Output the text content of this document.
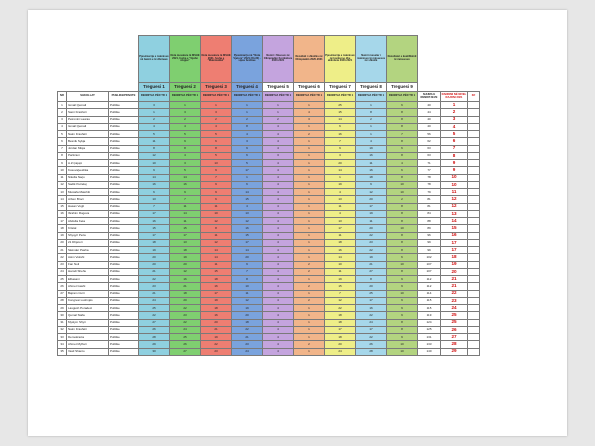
			Pjesëmarrja e nxënësve në bazën e të dhënave	Nota mesatare të MSHE 2021, fusha e “Gjuhë shqipe”	Nota mesatare të MSHE 2021, fusha e “Matematikë”	Pjesëmarrja në “Nota Vjetore” 2021 (24-30) - sipas fushave	Numri i fituesve në Olimpiadën Kombëtare 2020-2021	Rezultati i shkollës në Olimpiadën 2020-2021	Pjesëmarrja e nxënësve në konkurse dhe aktivitete 2020-2021	Numri mesatar i nxënësve të mësuesve në shkollë	Rezultatet e kualifikimit të mësuesve			
			Treguesi 1	Treguesi 2	Treguesi 3	Treguesi 4	Treguesi 5	Treguesi 6	Treguesi 7	Treguesi 8	Treguesi 9			
NR	SHKOLLAT	PUBLIKE/PRIVATE	RENDITJA PËR TR 1	RENDITJA PËR TR 1	RENDITJA PËR TR 1	RENDITJA PËR TR 1	RENDITJA PËR TR 1	RENDITJA PËR TR 1	RENDITJA PËR TR 1	RENDITJA PËR TR 1	RENDITJA PËR TR 1	SHUMA E RENDITJEVE	RANKIMI NË NIVEL RAJONI 2021	KF
1	Ismail Qemali	Publike	3	1	1	1	1	1	25	1	6	40	1	
2	Sami Frashëri	Publike	1	3	3	1	1	4	15	8	8	44	2	
3	Petronini Lauras	Publike	2	2	2	2	2	3	14	2	8	40	3	
4	Ismail Qemali	Publike	4	4	4	8	4	1	6	1	8	40	4	
5	Naim Frashëri	Publike	5	5	5	4	4	2	16	1	7	56	5	
6	Besnik Sykja	Publike	11	9	6	3	4	1	7	4	8	62	6	
7	Jordan Misja	Publike	8	8	8	9	4	1	9	19	6	63	7	
8	Partizani	Publike	12	4	5	6	3	1	3	16	8	63	8	
9	A.Z.Çajupi	Publike	10	3	13	5	4	1	20	11	4	71	9	
10	Kosovajveshka	Publike	9	5	9	17	4	1	14	16	6	77	9	
11	Nikolla Naço	Publike	14	14	7	1	4	1	1	18	8	78	10	
12	Sadik Petrelaj	Publike	16	16	9	6	4	1	19	9	10	78	10	
13	Mustafa Matohiti	Publike	6	9	9	14	4	1	4	12	10	79	11	
14	Arben Broci	Publike	13	7	6	15	4	1	13	20	2	81	12	
15	Hasan Vogli	Publike	7	11	11	4	4	1	11	17	8	81	12	
16	Ibrahim Rugova	Publike	17	14	10	13	4	1	4	19	8	84	13	
17	Abdulla Keta	Publike	16	11	12	12	4	1	13	11	8	88	14	
18	Kristal	Publike	15	15	8	16	4	1	17	20	10	89	15	
19	Shyqyri Peza	Publike	17	17	11	15	4	1	11	22	8	96	16	
20	21 Dhjetori	Publike	18	13	12	17	4	1	18	23	8	99	17	
21	Skënder Pasha	Publike	19	18	14	14	4	1	16	22	8	99	17	
22	Asim Vokshi	Publike	20	19	14	20	4	1	14	19	6	102	18	
23	Fan Noli	Publike	20	20	11	9	4	2	10	21	10	107	19	
24	Hamdi Shehu	Publike	21	12	15	7	4	2	11	27	8	107	20	
25	Elbasani	Publike	22	16	18	8	4	1	19	8	9	112	21	
26	Ahmet Gashi	Publike	23	21	16	10	4	2	15	20	9	112	21	
27	Bajram Curri	Publike	21	18	17	11	4	1	7	25	10	114	22	
28	Kongresi Lushnjës	Publike	24	20	19	12	4	2	12	17	9	115	23	
29	Lasgush Poradeci	Publike	25	22	18	19	4	1	22	16	9	115	24	
30	Qemal Stafa	Publike	22	23	16	20	4	1	18	22	9	119	25	
31	Myslym Shyri	Publike	27	22	20	18	4	1	18	24	8	124	25	
32	Naim Frashëri	Publike	26	24	21	22	4	1	17	17	8	125	26	
33	Demokracia	Publike	28	25	19	21	4	1	18	22	9	131	27	
34	Ahmet Myftari	Publike	29	26	22	23	4	2	20	26	10	133	28	
35	Vasil Shanto	Publike	30	27	23	24	4	1	24	28	10	140	29	
